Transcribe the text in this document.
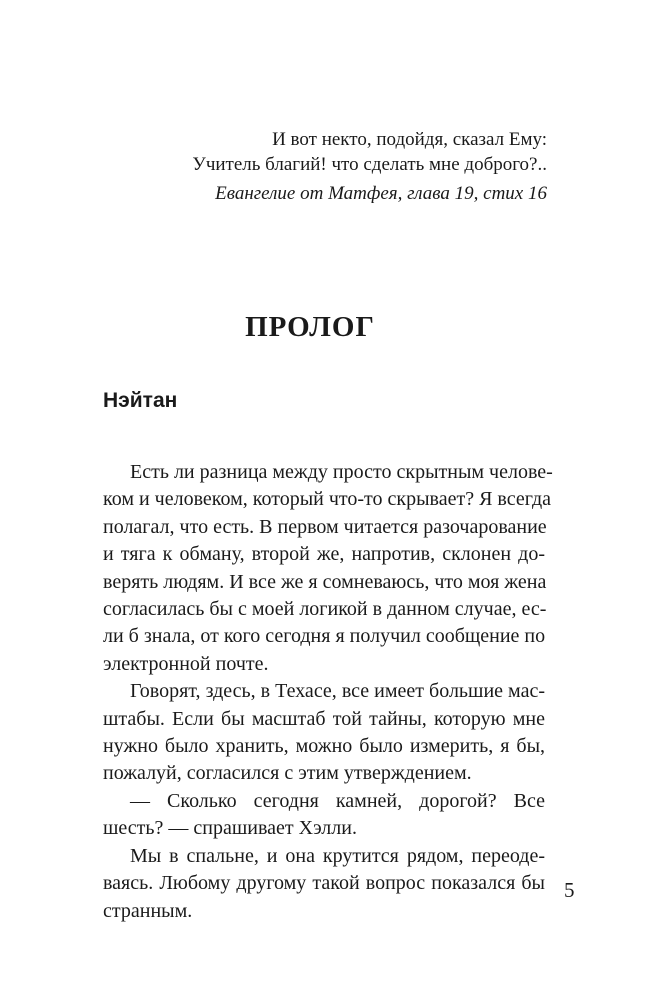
И вот некто, подойдя, сказал Ему:
Учитель благий! что сделать мне доброго?..
Евангелие от Матфея, глава 19, стих 16
ПРОЛОГ
Нэйтан
Есть ли разница между просто скрытным челове-
ком и человеком, который что-то скрывает? Я всегда
полагал, что есть. В первом читается разочарование
и тяга к обману, второй же, напротив, склонен до-
верять людям. И все же я сомневаюсь, что моя жена
согласилась бы с моей логикой в данном случае, ес-
ли б знала, от кого сегодня я получил сообщение по
электронной почте.
Говорят, здесь, в Техасе, все имеет большие мас-
штабы. Если бы масштаб той тайны, которую мне
нужно было хранить, можно было измерить, я бы,
пожалуй, согласился с этим утверждением.
— Сколько сегодня камней, дорогой? Все
шесть? — спрашивает Хэлли.
Мы в спальне, и она крутится рядом, переоде-
ваясь. Любому другому такой вопрос показался бы
странным.
5
